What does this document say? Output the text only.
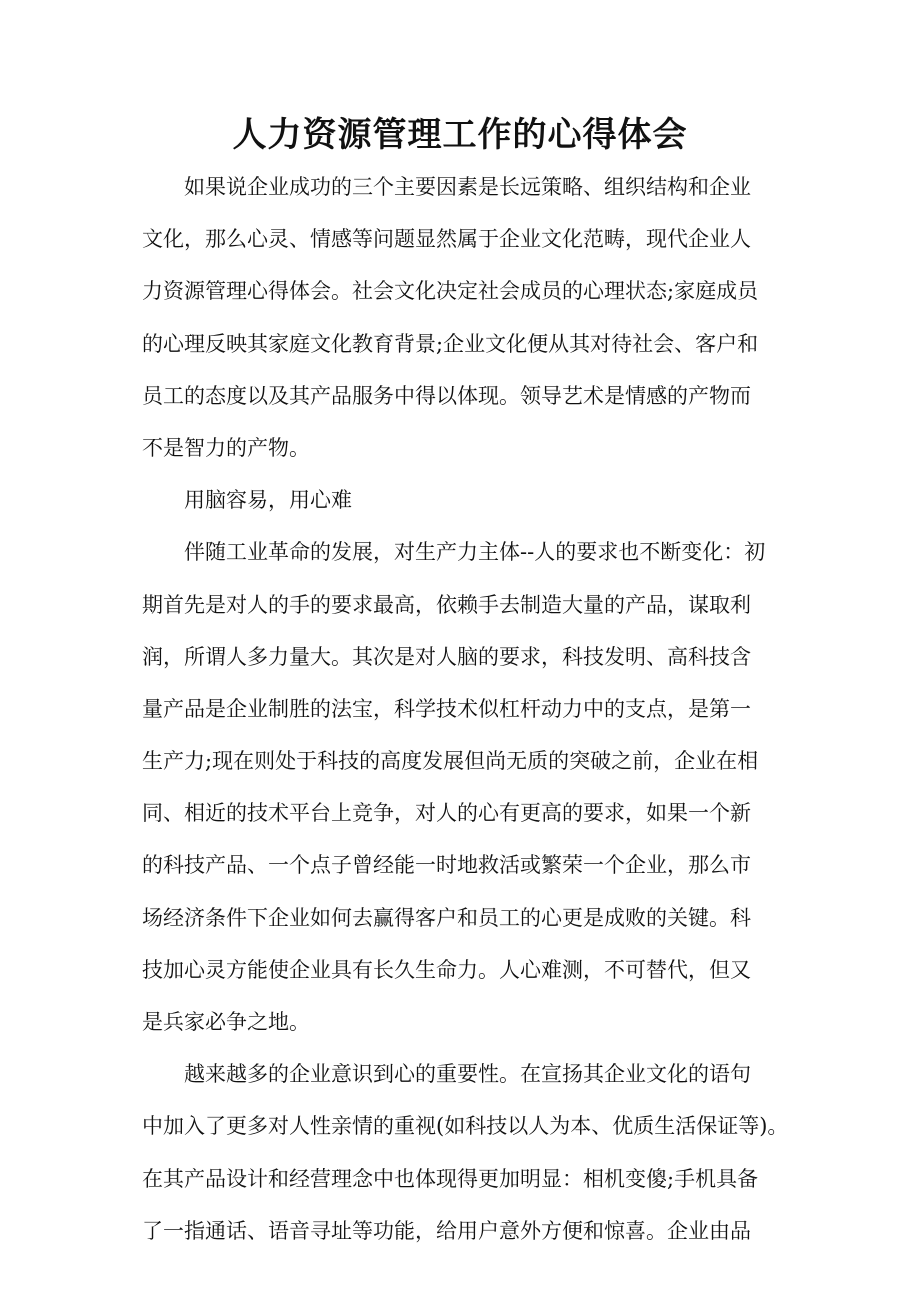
人力资源管理工作的心得体会
如果说企业成功的三个主要因素是长远策略、组织结构和企业
文化，那么心灵、情感等问题显然属于企业文化范畴，现代企业人
力资源管理心得体会。社会文化决定社会成员的心理状态;家庭成员
的心理反映其家庭文化教育背景;企业文化便从其对待社会、客户和
员工的态度以及其产品服务中得以体现。领导艺术是情感的产物而
不是智力的产物。
用脑容易，用心难
伴随工业革命的发展，对生产力主体--人的要求也不断变化：初
期首先是对人的手的要求最高，依赖手去制造大量的产品，谋取利
润，所谓人多力量大。其次是对人脑的要求，科技发明、高科技含
量产品是企业制胜的法宝，科学技术似杠杆动力中的支点，是第一
生产力;现在则处于科技的高度发展但尚无质的突破之前，企业在相
同、相近的技术平台上竞争，对人的心有更高的要求，如果一个新
的科技产品、一个点子曾经能一时地救活或繁荣一个企业，那么市
场经济条件下企业如何去赢得客户和员工的心更是成败的关键。科
技加心灵方能使企业具有长久生命力。人心难测，不可替代，但又
是兵家必争之地。
越来越多的企业意识到心的重要性。在宣扬其企业文化的语句
中加入了更多对人性亲情的重视(如科技以人为本、优质生活保证等)。
在其产品设计和经营理念中也体现得更加明显：相机变傻;手机具备
了一指通话、语音寻址等功能，给用户意外方便和惊喜。企业由品
